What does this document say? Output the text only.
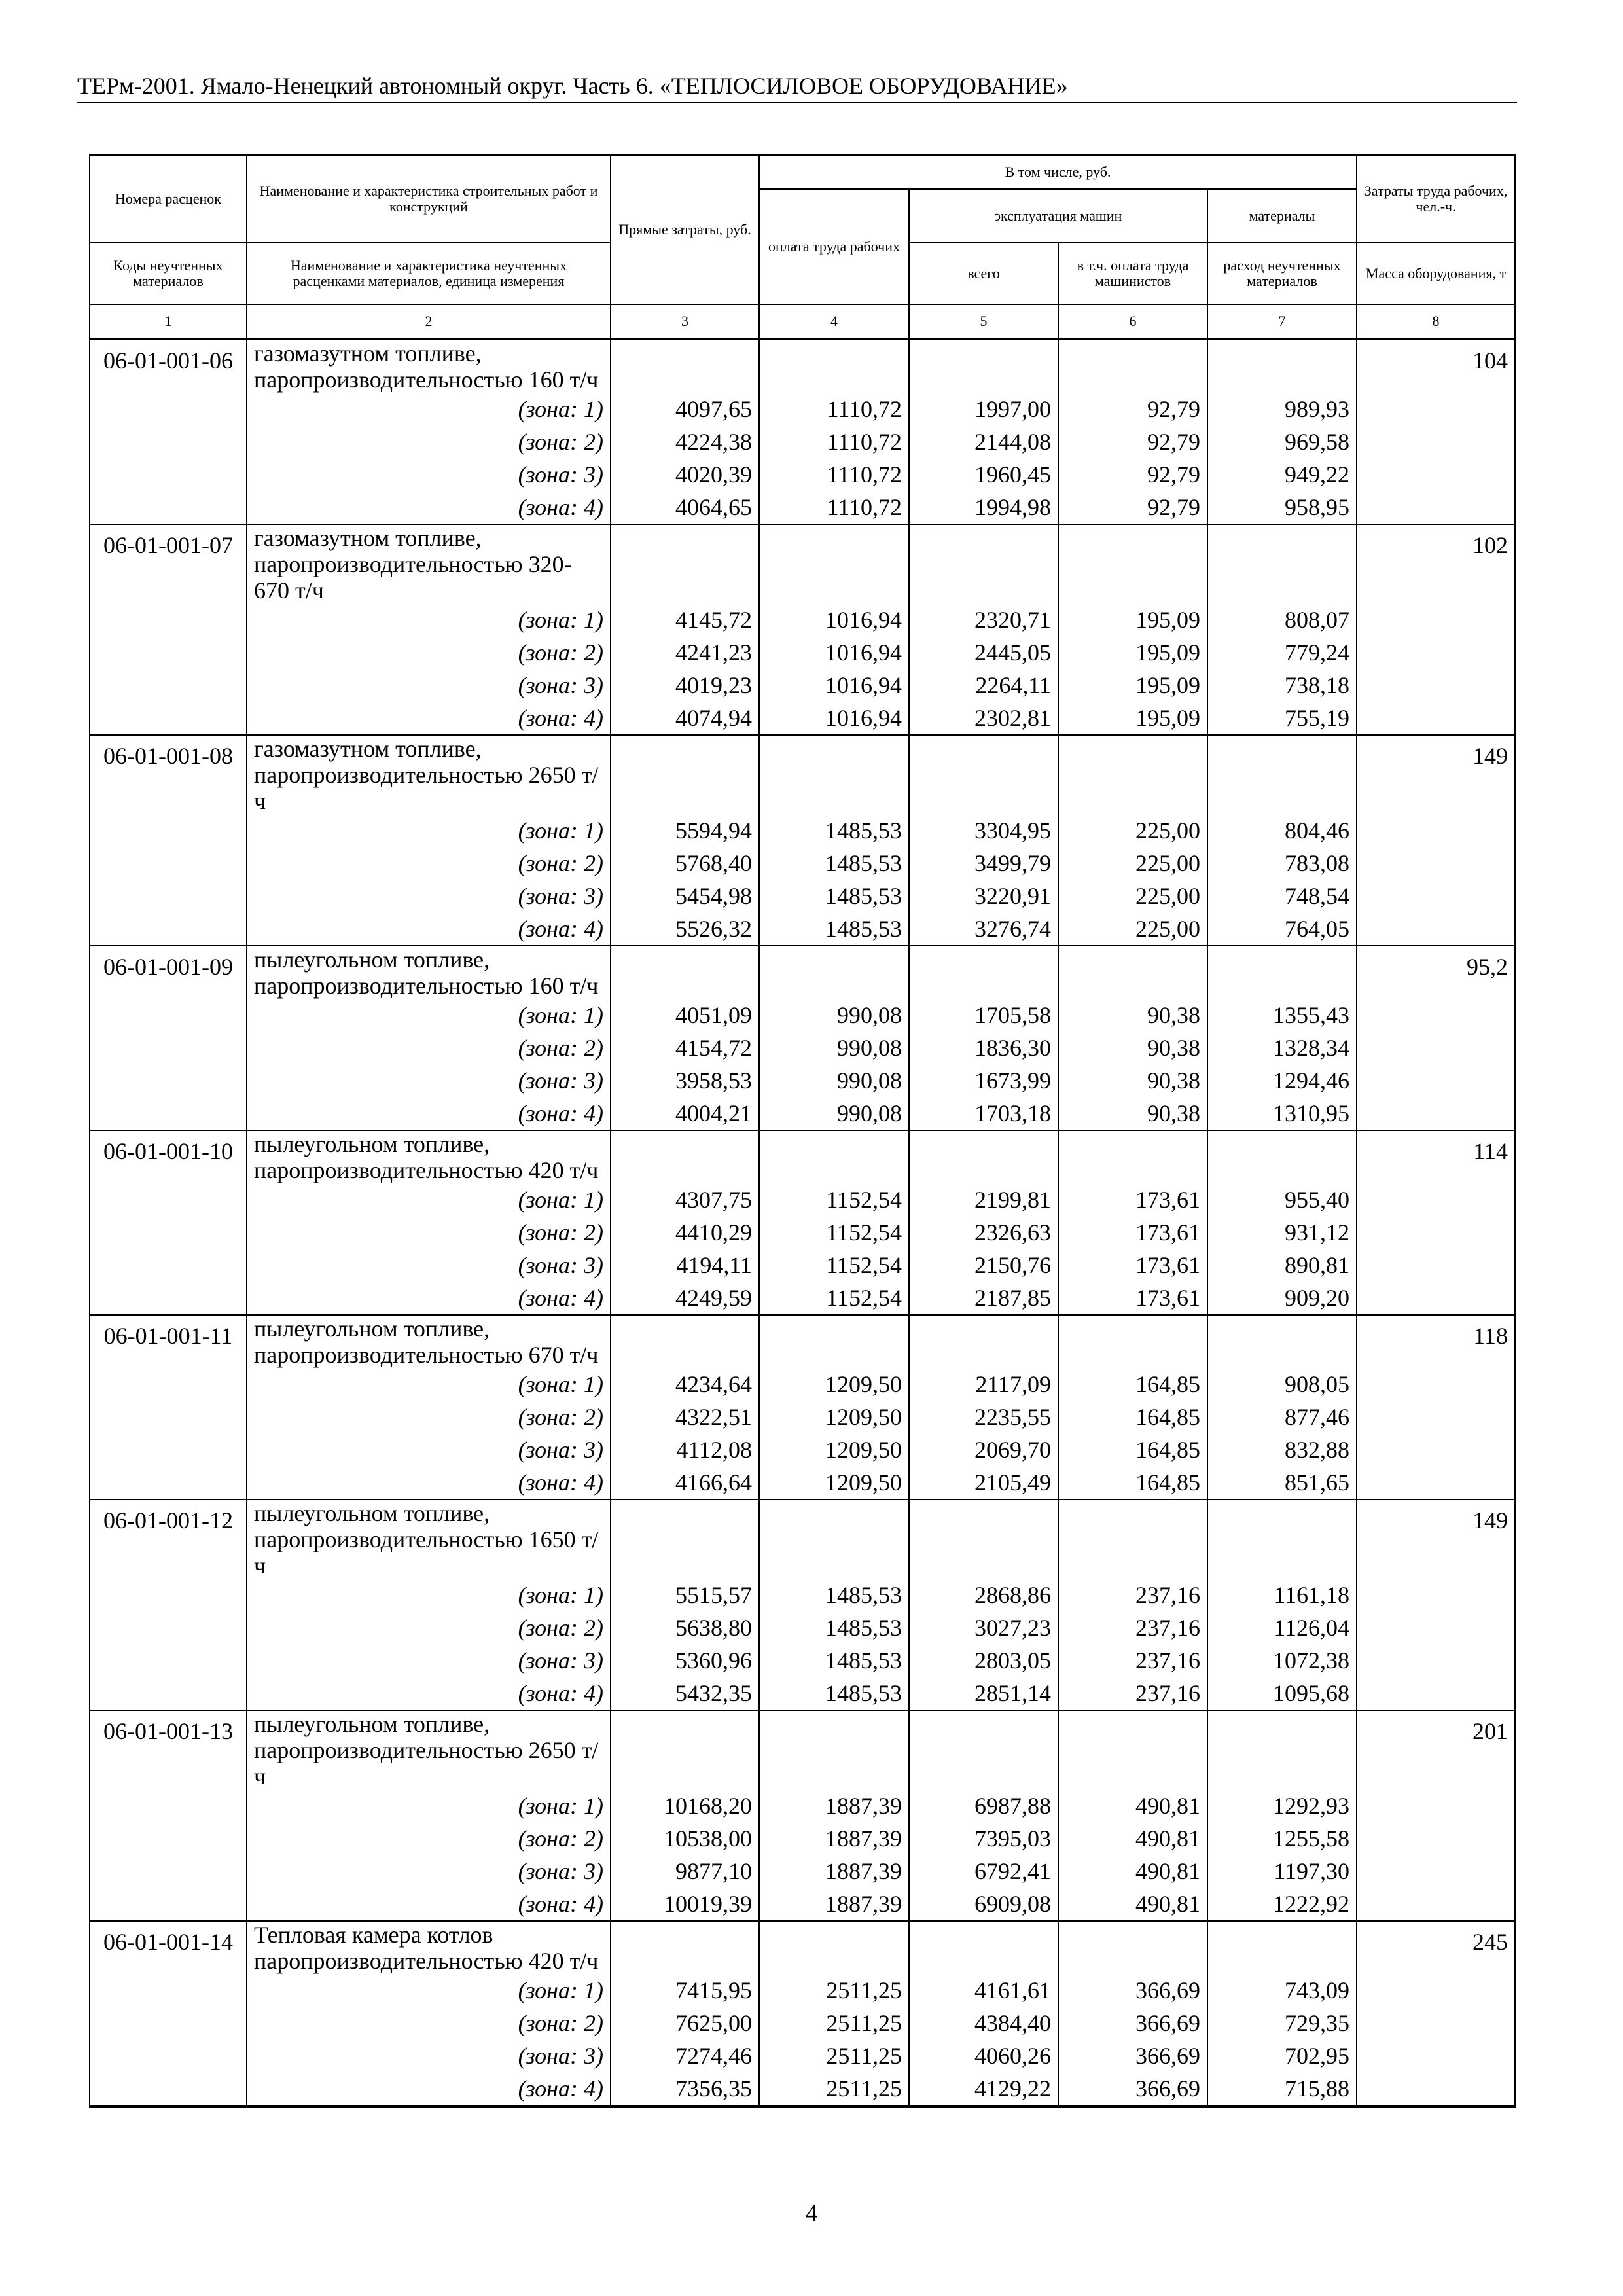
ТЕРм-2001. Ямало-Ненецкий автономный округ. Часть 6. «ТЕПЛОСИЛОВОЕ ОБОРУДОВАНИЕ»
Номера расценок	Наименование и характеристика строительных работ и конструкций	Прямые затраты, руб.	В том числе, руб.				Затраты труда рабочих, чел.-ч.
			оплата труда рабочих	эксплуатация машин		материалы	
Коды неучтенных материалов	Наименование и характеристика неучтенных расценками материалов, единица измерения			всего	в т.ч. оплата труда машинистов	расход неучтенных материалов	Масса оборудования, т
1	2	3	4	5	6	7	8
06-01-001-06	газомазутном топливе, паропроизводительностью 160 т/ч						104
	(зона: 1)	4097,65	1110,72	1997,00	92,79	989,93	
	(зона: 2)	4224,38	1110,72	2144,08	92,79	969,58	
	(зона: 3)	4020,39	1110,72	1960,45	92,79	949,22	
	(зона: 4)	4064,65	1110,72	1994,98	92,79	958,95	
06-01-001-07	газомазутном топливе, паропроизводительностью 320-670 т/ч						102
	(зона: 1)	4145,72	1016,94	2320,71	195,09	808,07	
	(зона: 2)	4241,23	1016,94	2445,05	195,09	779,24	
	(зона: 3)	4019,23	1016,94	2264,11	195,09	738,18	
	(зона: 4)	4074,94	1016,94	2302,81	195,09	755,19	
06-01-001-08	газомазутном топливе, паропроизводительностью 2650 т/ч						149
	(зона: 1)	5594,94	1485,53	3304,95	225,00	804,46	
	(зона: 2)	5768,40	1485,53	3499,79	225,00	783,08	
	(зона: 3)	5454,98	1485,53	3220,91	225,00	748,54	
	(зона: 4)	5526,32	1485,53	3276,74	225,00	764,05	
06-01-001-09	пылеугольном топливе, паропроизводительностью 160 т/ч						95,2
	(зона: 1)	4051,09	990,08	1705,58	90,38	1355,43	
	(зона: 2)	4154,72	990,08	1836,30	90,38	1328,34	
	(зона: 3)	3958,53	990,08	1673,99	90,38	1294,46	
	(зона: 4)	4004,21	990,08	1703,18	90,38	1310,95	
06-01-001-10	пылеугольном топливе, паропроизводительностью 420 т/ч						114
	(зона: 1)	4307,75	1152,54	2199,81	173,61	955,40	
	(зона: 2)	4410,29	1152,54	2326,63	173,61	931,12	
	(зона: 3)	4194,11	1152,54	2150,76	173,61	890,81	
	(зона: 4)	4249,59	1152,54	2187,85	173,61	909,20	
06-01-001-11	пылеугольном топливе, паропроизводительностью 670 т/ч						118
	(зона: 1)	4234,64	1209,50	2117,09	164,85	908,05	
	(зона: 2)	4322,51	1209,50	2235,55	164,85	877,46	
	(зона: 3)	4112,08	1209,50	2069,70	164,85	832,88	
	(зона: 4)	4166,64	1209,50	2105,49	164,85	851,65	
06-01-001-12	пылеугольном топливе, паропроизводительностью 1650 т/ч						149
	(зона: 1)	5515,57	1485,53	2868,86	237,16	1161,18	
	(зона: 2)	5638,80	1485,53	3027,23	237,16	1126,04	
	(зона: 3)	5360,96	1485,53	2803,05	237,16	1072,38	
	(зона: 4)	5432,35	1485,53	2851,14	237,16	1095,68	
06-01-001-13	пылеугольном топливе, паропроизводительностью 2650 т/ч						201
	(зона: 1)	10168,20	1887,39	6987,88	490,81	1292,93	
	(зона: 2)	10538,00	1887,39	7395,03	490,81	1255,58	
	(зона: 3)	9877,10	1887,39	6792,41	490,81	1197,30	
	(зона: 4)	10019,39	1887,39	6909,08	490,81	1222,92	
06-01-001-14	Тепловая камера котлов паропроизводительностью 420 т/ч						245
	(зона: 1)	7415,95	2511,25	4161,61	366,69	743,09	
	(зона: 2)	7625,00	2511,25	4384,40	366,69	729,35	
	(зона: 3)	7274,46	2511,25	4060,26	366,69	702,95	
	(зона: 4)	7356,35	2511,25	4129,22	366,69	715,88	
4
